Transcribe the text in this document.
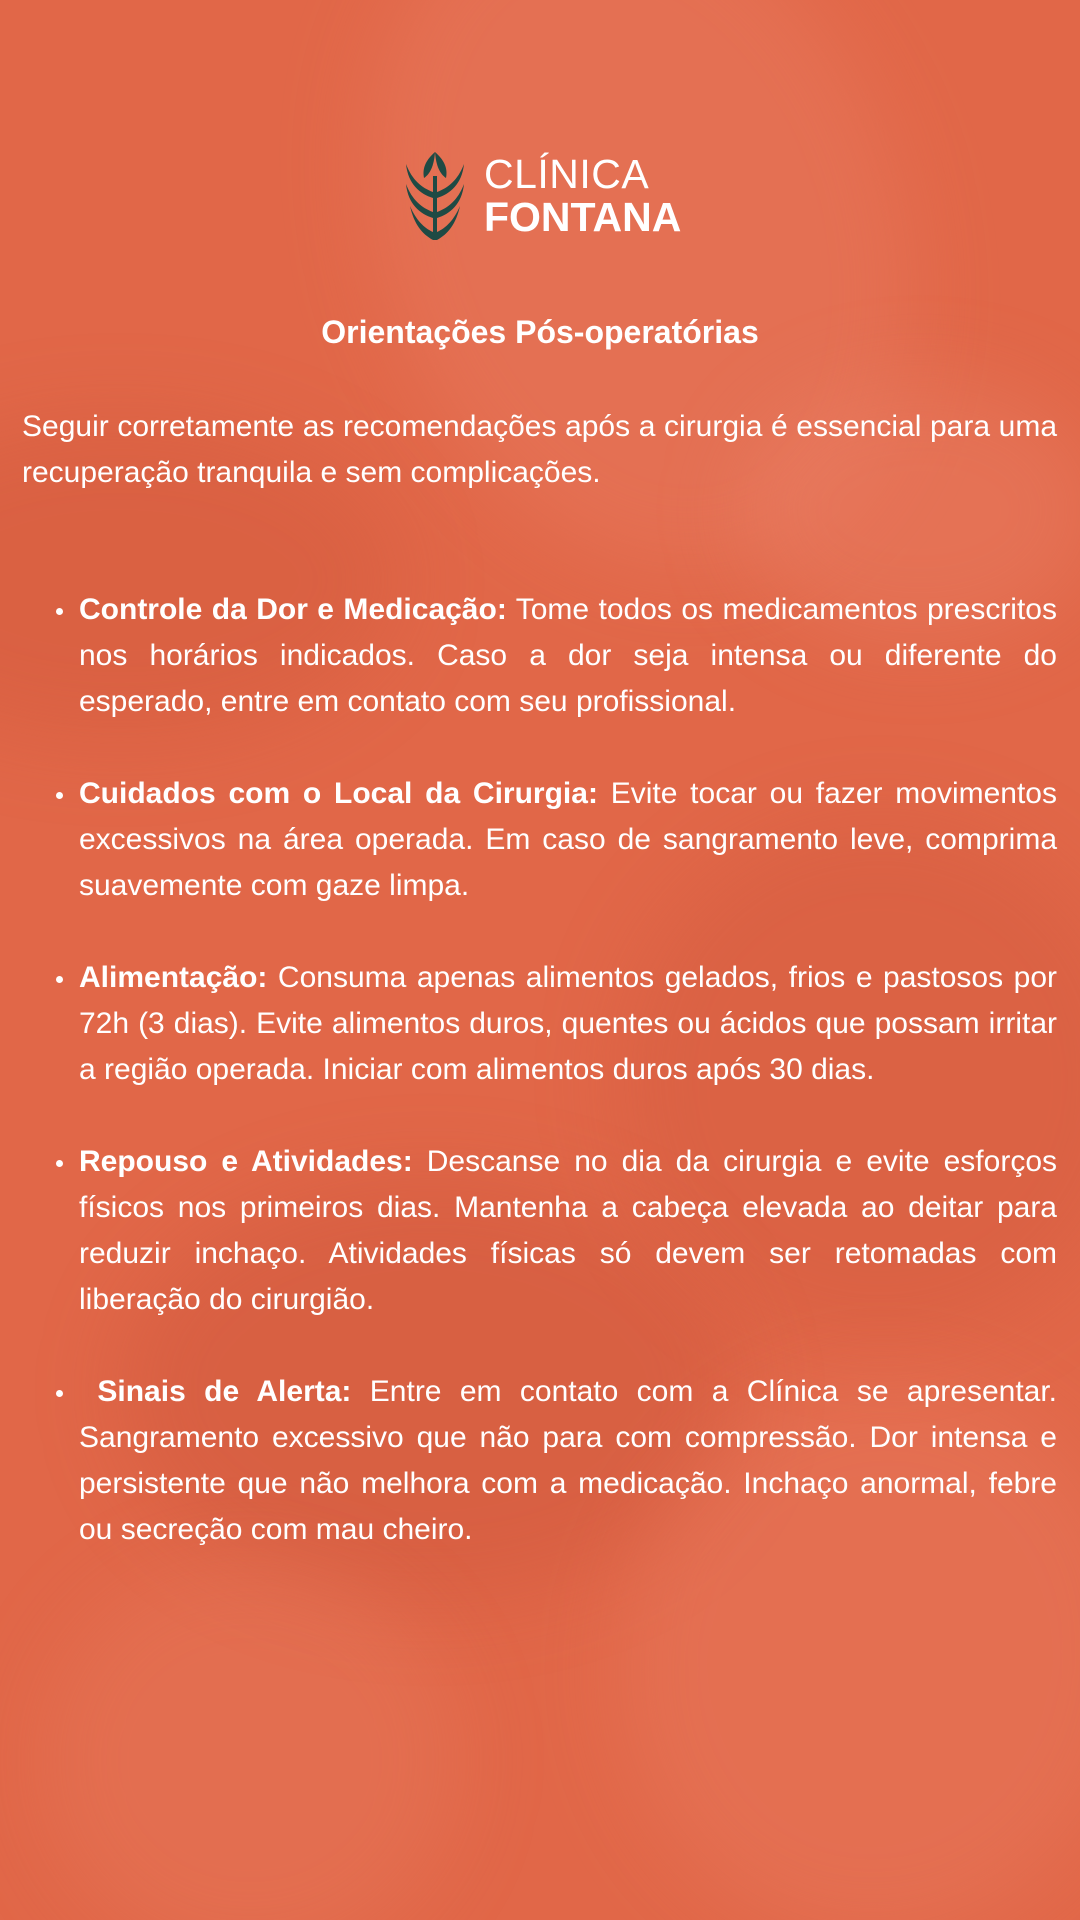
CLÍNICA
FONTANA
Orientações Pós-operatórias
Seguir corretamente as recomendações após a cirurgia é essencial para uma recuperação tranquila e sem complicações.
Controle da Dor e Medicação: Tome todos os medicamentos prescritos nos horários indicados. Caso a dor seja intensa ou diferente do esperado, entre em contato com seu profissional.
Cuidados com o Local da Cirurgia: Evite tocar ou fazer movimentos excessivos na área operada. Em caso de sangramento leve, comprima suavemente com gaze limpa.
Alimentação: Consuma apenas alimentos gelados, frios e pastosos por 72h (3 dias). Evite alimentos duros, quentes ou ácidos que possam irritar a região operada. Iniciar com alimentos duros após 30 dias.
Repouso e Atividades: Descanse no dia da cirurgia e evite esforços físicos nos primeiros dias. Mantenha a cabeça elevada ao deitar para reduzir inchaço. Atividades físicas só devem ser retomadas com liberação do cirurgião.
Sinais de Alerta: Entre em contato com a Clínica se apresentar. Sangramento excessivo que não para com compressão. Dor intensa e persistente que não melhora com a medicação. Inchaço anormal, febre ou secreção com mau cheiro.
